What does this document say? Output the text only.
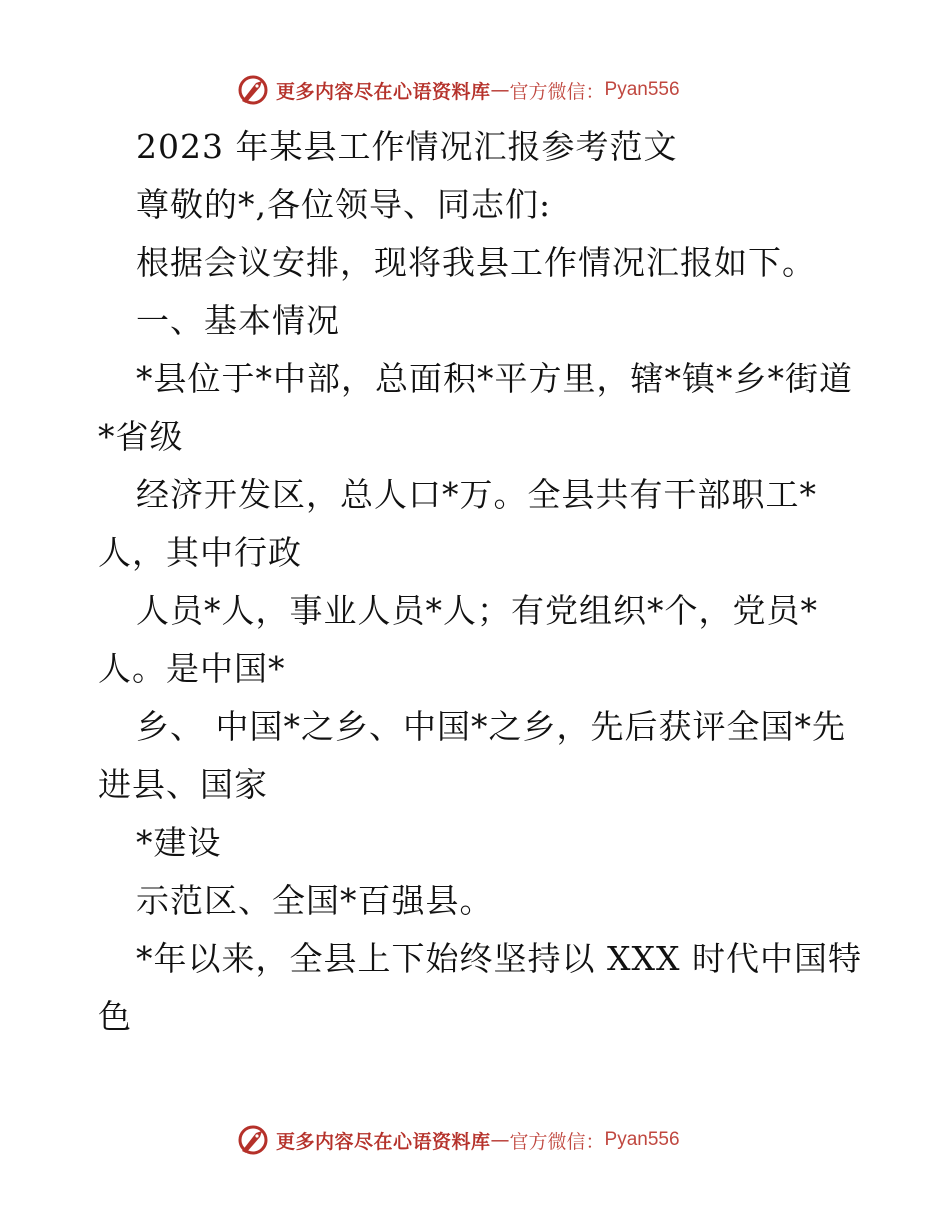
更多内容尽在心语资料库 — 官方微信： Pyan556
2023 年某县工作情况汇报参考范文
尊敬的*,各位领导、同志们:
根据会议安排，现将我县工作情况汇报如下。
一、基本情况
*县位于*中部，总面积*平方里，辖*镇*乡*街道
*省级
经济开发区，总人口*万。全县共有干部职工*
人，其中行政
人员*人，事业人员*人；有党组织*个，党员*
人。是中国*
乡、 中国*之乡、中国*之乡，先后获评全国*先
进县、国家
*建设
示范区、全国*百强县。
*年以来，全县上下始终坚持以 XXX 时代中国特
色
更多内容尽在心语资料库 — 官方微信： Pyan556
